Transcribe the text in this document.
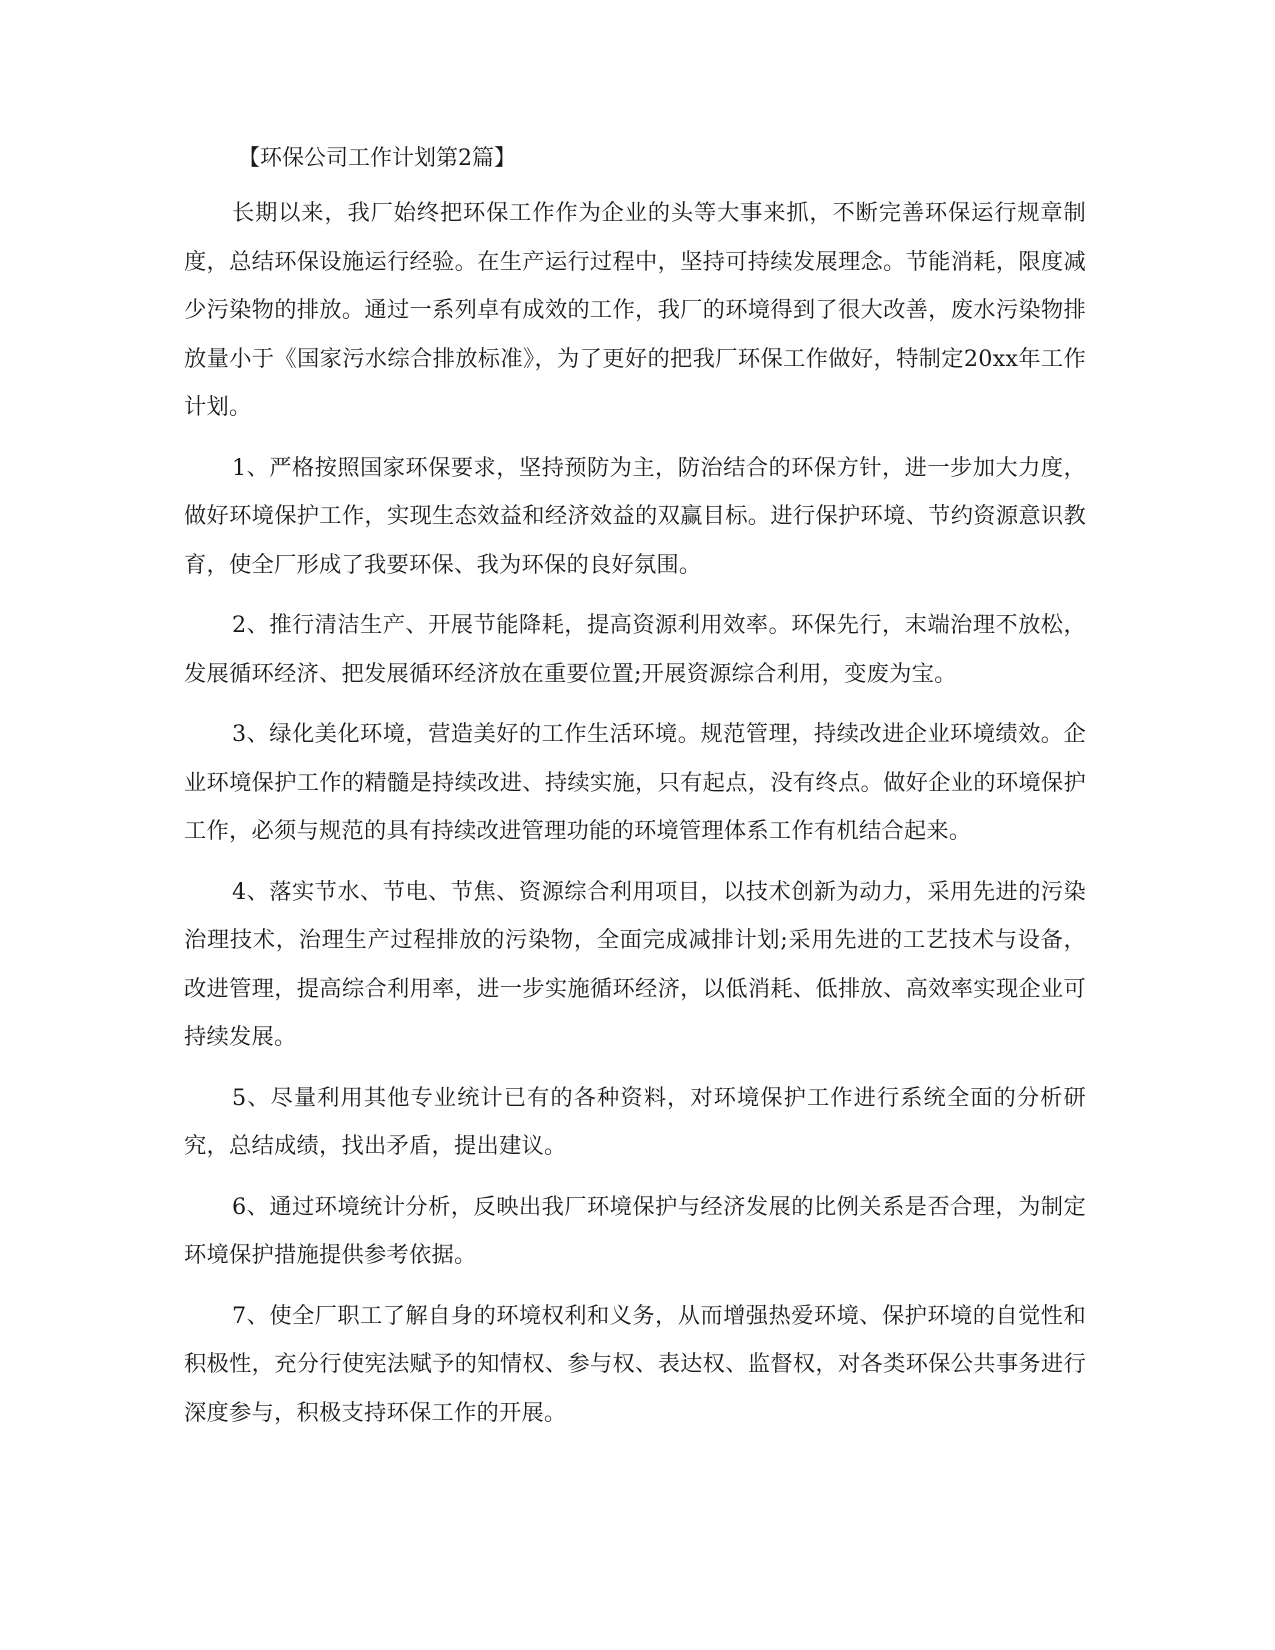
【环保公司工作计划第2篇】

长期以来，我厂始终把环保工作作为企业的头等大事来抓，不断完善环保运行规章制度，总结环保设施运行经验。在生产运行过程中，坚持可持续发展理念。节能消耗，限度减少污染物的排放。通过一系列卓有成效的工作，我厂的环境得到了很大改善，废水污染物排放量小于《国家污水综合排放标准》，为了更好的把我厂环保工作做好，特制定20xx年工作计划。

1、严格按照国家环保要求，坚持预防为主，防治结合的环保方针，进一步加大力度，做好环境保护工作，实现生态效益和经济效益的双赢目标。进行保护环境、节约资源意识教育，使全厂形成了我要环保、我为环保的良好氛围。

2、推行清洁生产、开展节能降耗，提高资源利用效率。环保先行，末端治理不放松，发展循环经济、把发展循环经济放在重要位置;开展资源综合利用，变废为宝。

3、绿化美化环境，营造美好的工作生活环境。规范管理，持续改进企业环境绩效。企业环境保护工作的精髓是持续改进、持续实施，只有起点，没有终点。做好企业的环境保护工作，必须与规范的具有持续改进管理功能的环境管理体系工作有机结合起来。

4、落实节水、节电、节焦、资源综合利用项目，以技术创新为动力，采用先进的污染治理技术，治理生产过程排放的污染物，全面完成减排计划;采用先进的工艺技术与设备，改进管理，提高综合利用率，进一步实施循环经济，以低消耗、低排放、高效率实现企业可持续发展。

5、尽量利用其他专业统计已有的各种资料，对环境保护工作进行系统全面的分析研究，总结成绩，找出矛盾，提出建议。

6、通过环境统计分析，反映出我厂环境保护与经济发展的比例关系是否合理，为制定环境保护措施提供参考依据。

7、使全厂职工了解自身的环境权利和义务，从而增强热爱环境、保护环境的自觉性和积极性，充分行使宪法赋予的知情权、参与权、表达权、监督权，对各类环保公共事务进行深度参与，积极支持环保工作的开展。
